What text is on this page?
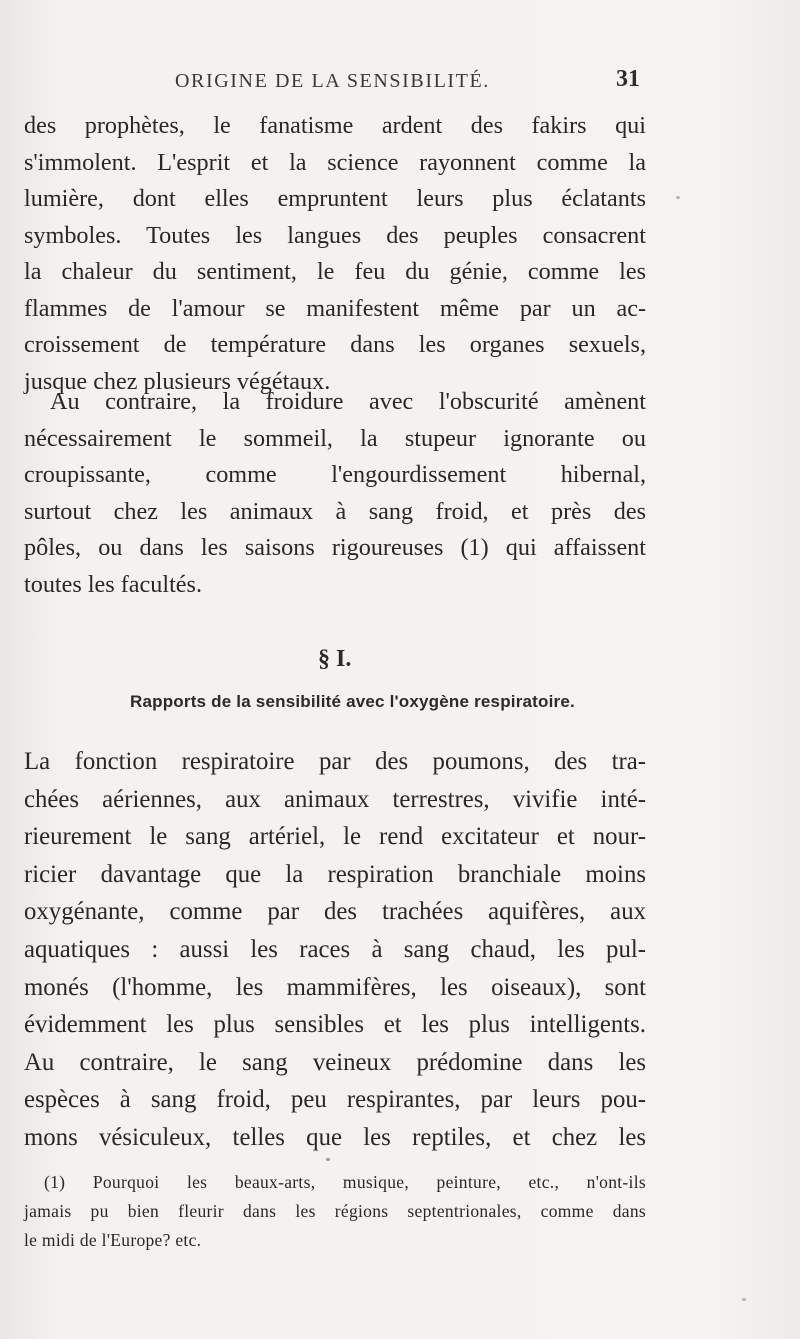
ORIGINE DE LA SENSIBILITÉ.	31
des prophètes, le fanatisme ardent des fakirs qui
s'immolent. L'esprit et la science rayonnent comme la
lumière, dont elles empruntent leurs plus éclatants
symboles. Toutes les langues des peuples consacrent
la chaleur du sentiment, le feu du génie, comme les
flammes de l'amour se manifestent même par un ac-
croissement de température dans les organes sexuels,
jusque chez plusieurs végétaux.
Au contraire, la froidure avec l'obscurité amènent
nécessairement le sommeil, la stupeur ignorante ou
croupissante, comme l'engourdissement hibernal,
surtout chez les animaux à sang froid, et près des
pôles, ou dans les saisons rigoureuses (1) qui affaissent
toutes les facultés.
§ I.
Rapports de la sensibilité avec l'oxygène respiratoire.
La fonction respiratoire par des poumons, des tra-
chées aériennes, aux animaux terrestres, vivifie inté-
rieurement le sang artériel, le rend excitateur et nour-
ricier davantage que la respiration branchiale moins
oxygénante, comme par des trachées aquifères, aux
aquatiques : aussi les races à sang chaud, les pul-
monés (l'homme, les mammifères, les oiseaux), sont
évidemment les plus sensibles et les plus intelligents.
Au contraire, le sang veineux prédomine dans les
espèces à sang froid, peu respirantes, par leurs pou-
mons vésiculeux, telles que les reptiles, et chez les
(1) Pourquoi les beaux-arts, musique, peinture, etc., n'ont-ils
jamais pu bien fleurir dans les régions septentrionales, comme dans
le midi de l'Europe? etc.
